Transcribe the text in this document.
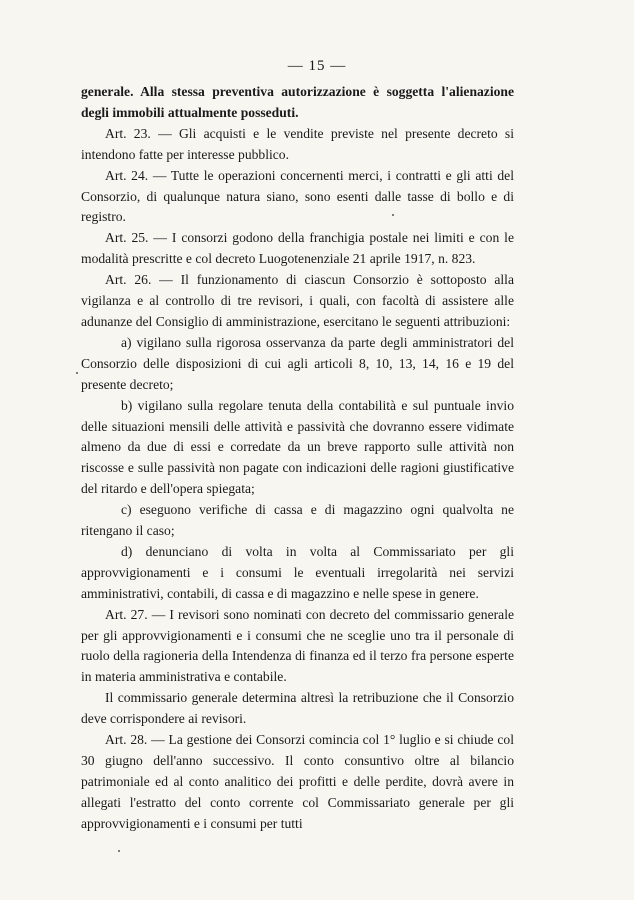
— 15 —

generale. Alla stessa preventiva autorizzazione è soggetta l'alienazione degli immobili attualmente posseduti.

Art. 23. — Gli acquisti e le vendite previste nel presente decreto si intendono fatte per interesse pubblico.

Art. 24. — Tutte le operazioni concernenti merci, i contratti e gli atti del Consorzio, di qualunque natura siano, sono esenti dalle tasse di bollo e di registro.

Art. 25. — I consorzi godono della franchigia postale nei limiti e con le modalità prescritte e col decreto Luogotenenziale 21 aprile 1917, n. 823.

Art. 26. — Il funzionamento di ciascun Consorzio è sottoposto alla vigilanza e al controllo di tre revisori, i quali, con facoltà di assistere alle adunanze del Consiglio di amministrazione, esercitano le seguenti attribuzioni:

a) vigilano sulla rigorosa osservanza da parte degli amministratori del Consorzio delle disposizioni di cui agli articoli 8, 10, 13, 14, 16 e 19 del presente decreto;

b) vigilano sulla regolare tenuta della contabilità e sul puntuale invio delle situazioni mensili delle attività e passività che dovranno essere vidimate almeno da due di essi e corredate da un breve rapporto sulle attività non riscosse e sulle passività non pagate con indicazioni delle ragioni giustificative del ritardo e dell'opera spiegata;

c) eseguono verifiche di cassa e di magazzino ogni qualvolta ne ritengano il caso;

d) denunciano di volta in volta al Commissariato per gli approvvigionamenti e i consumi le eventuali irregolarità nei servizi amministrativi, contabili, di cassa e di magazzino e nelle spese in genere.

Art. 27. — I revisori sono nominati con decreto del commissario generale per gli approvvigionamenti e i consumi che ne sceglie uno tra il personale di ruolo della ragioneria della Intendenza di finanza ed il terzo fra persone esperte in materia amministrativa e contabile.

Il commissario generale determina altresì la retribuzione che il Consorzio deve corrispondere ai revisori.

Art. 28. — La gestione dei Consorzi comincia col 1° luglio e si chiude col 30 giugno dell'anno successivo. Il conto consuntivo oltre al bilancio patrimoniale ed al conto analitico dei profitti e delle perdite, dovrà avere in allegati l'estratto del conto corrente col Commissariato generale per gli approvvigionamenti e i consumi per tutti
